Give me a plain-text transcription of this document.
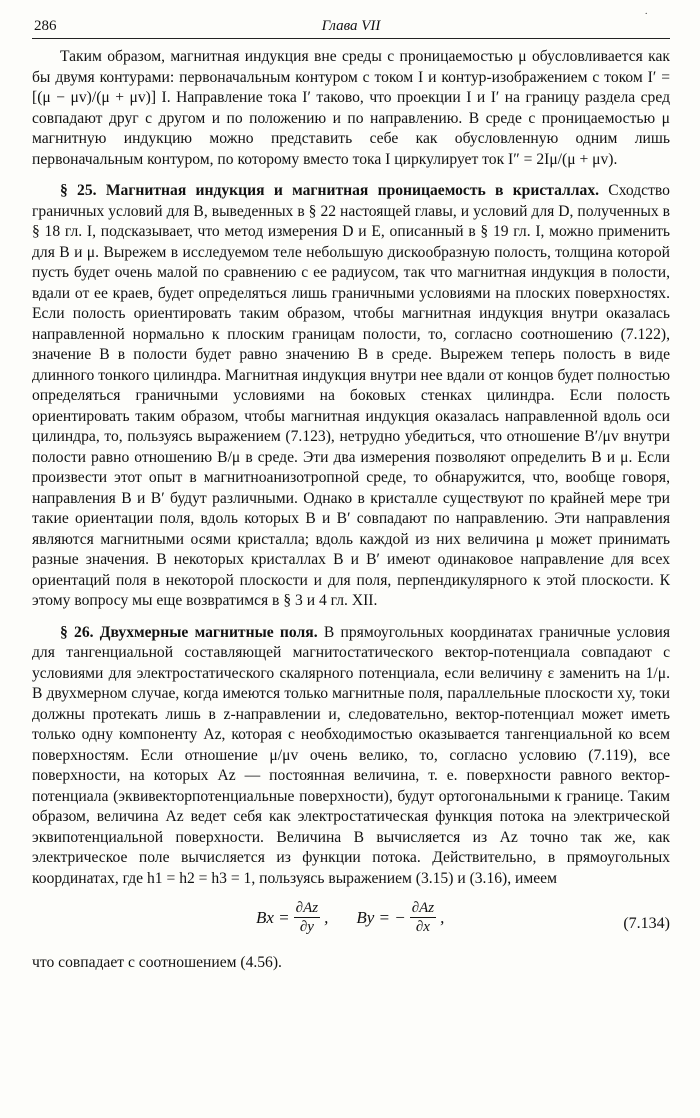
286	Глава VII
·

Таким образом, магнитная индукция вне среды с проницаемостью μ обусловливается как бы двумя контурами: первоначальным контуром с током I и контур-изображением с током I′ = [(μ − μv)/(μ + μv)] I. Направление тока I′ таково, что проекции I и I′ на границу раздела сред совпадают друг с другом и по положению и по направлению. В среде с проницаемостью μ магнитную индукцию можно представить себе как обусловленную одним лишь первоначальным контуром, по которому вместо тока I циркулирует ток I″ = 2Iμ/(μ + μv).

§ 25. Магнитная индукция и магнитная проницаемость в кристаллах. Сходство граничных условий для B, выведенных в § 22 настоящей главы, и условий для D, полученных в § 18 гл. I, подсказывает, что метод измерения D и E, описанный в § 19 гл. I, можно применить для B и μ. Вырежем в исследуемом теле небольшую дискообразную полость, толщина которой пусть будет очень малой по сравнению с ее радиусом, так что магнитная индукция в полости, вдали от ее краев, будет определяться лишь граничными условиями на плоских поверхностях. Если полость ориентировать таким образом, чтобы магнитная индукция внутри оказалась направленной нормально к плоским границам полости, то, согласно соотношению (7.122), значение B в полости будет равно значению B в среде. Вырежем теперь полость в виде длинного тонкого цилиндра. Магнитная индукция внутри нее вдали от концов будет полностью определяться граничными условиями на боковых стенках цилиндра. Если полость ориентировать таким образом, чтобы магнитная индукция оказалась направленной вдоль оси цилиндра, то, пользуясь выражением (7.123), нетрудно убедиться, что отношение B′/μv внутри полости равно отношению B/μ в среде. Эти два измерения позволяют определить B и μ. Если произвести этот опыт в магнитноанизотропной среде, то обнаружится, что, вообще говоря, направления B и B′ будут различными. Однако в кристалле существуют по крайней мере три такие ориентации поля, вдоль которых B и B′ совпадают по направлению. Эти направления являются магнитными осями кристалла; вдоль каждой из них величина μ может принимать разные значения. В некоторых кристаллах B и B′ имеют одинаковое направление для всех ориентаций поля в некоторой плоскости и для поля, перпендикулярного к этой плоскости. К этому вопросу мы еще возвратимся в § 3 и 4 гл. XII.

§ 26. Двухмерные магнитные поля. В прямоугольных координатах граничные условия для тангенциальной составляющей магнитостатического вектор-потенциала совпадают с условиями для электростатического скалярного потенциала, если величину ε заменить на 1/μ. В двухмерном случае, когда имеются только магнитные поля, параллельные плоскости xy, токи должны протекать лишь в z-направлении и, следовательно, вектор-потенциал может иметь только одну компоненту Az, которая с необходимостью оказывается тангенциальной ко всем поверхностям. Если отношение μ/μv очень велико, то, согласно условию (7.119), все поверхности, на которых Az — постоянная величина, т. е. поверхности равного вектор-потенциала (эквивекторпотенциальные поверхности), будут ортогональными к границе. Таким образом, величина Az ведет себя как электростатическая функция потока на электрической эквипотенциальной поверхности. Величина B вычисляется из Az точно так же, как электрическое поле вычисляется из функции потока. Действительно, в прямоугольных координатах, где h1 = h2 = h3 = 1, пользуясь выражением (3.15) и (3.16), имеем

$Bx = \frac{\partial Az}{\partial y}$ , By = − $\frac{\partial Az}{\partial x}$ ,	(7.134)

что совпадает с соотношением (4.56).
